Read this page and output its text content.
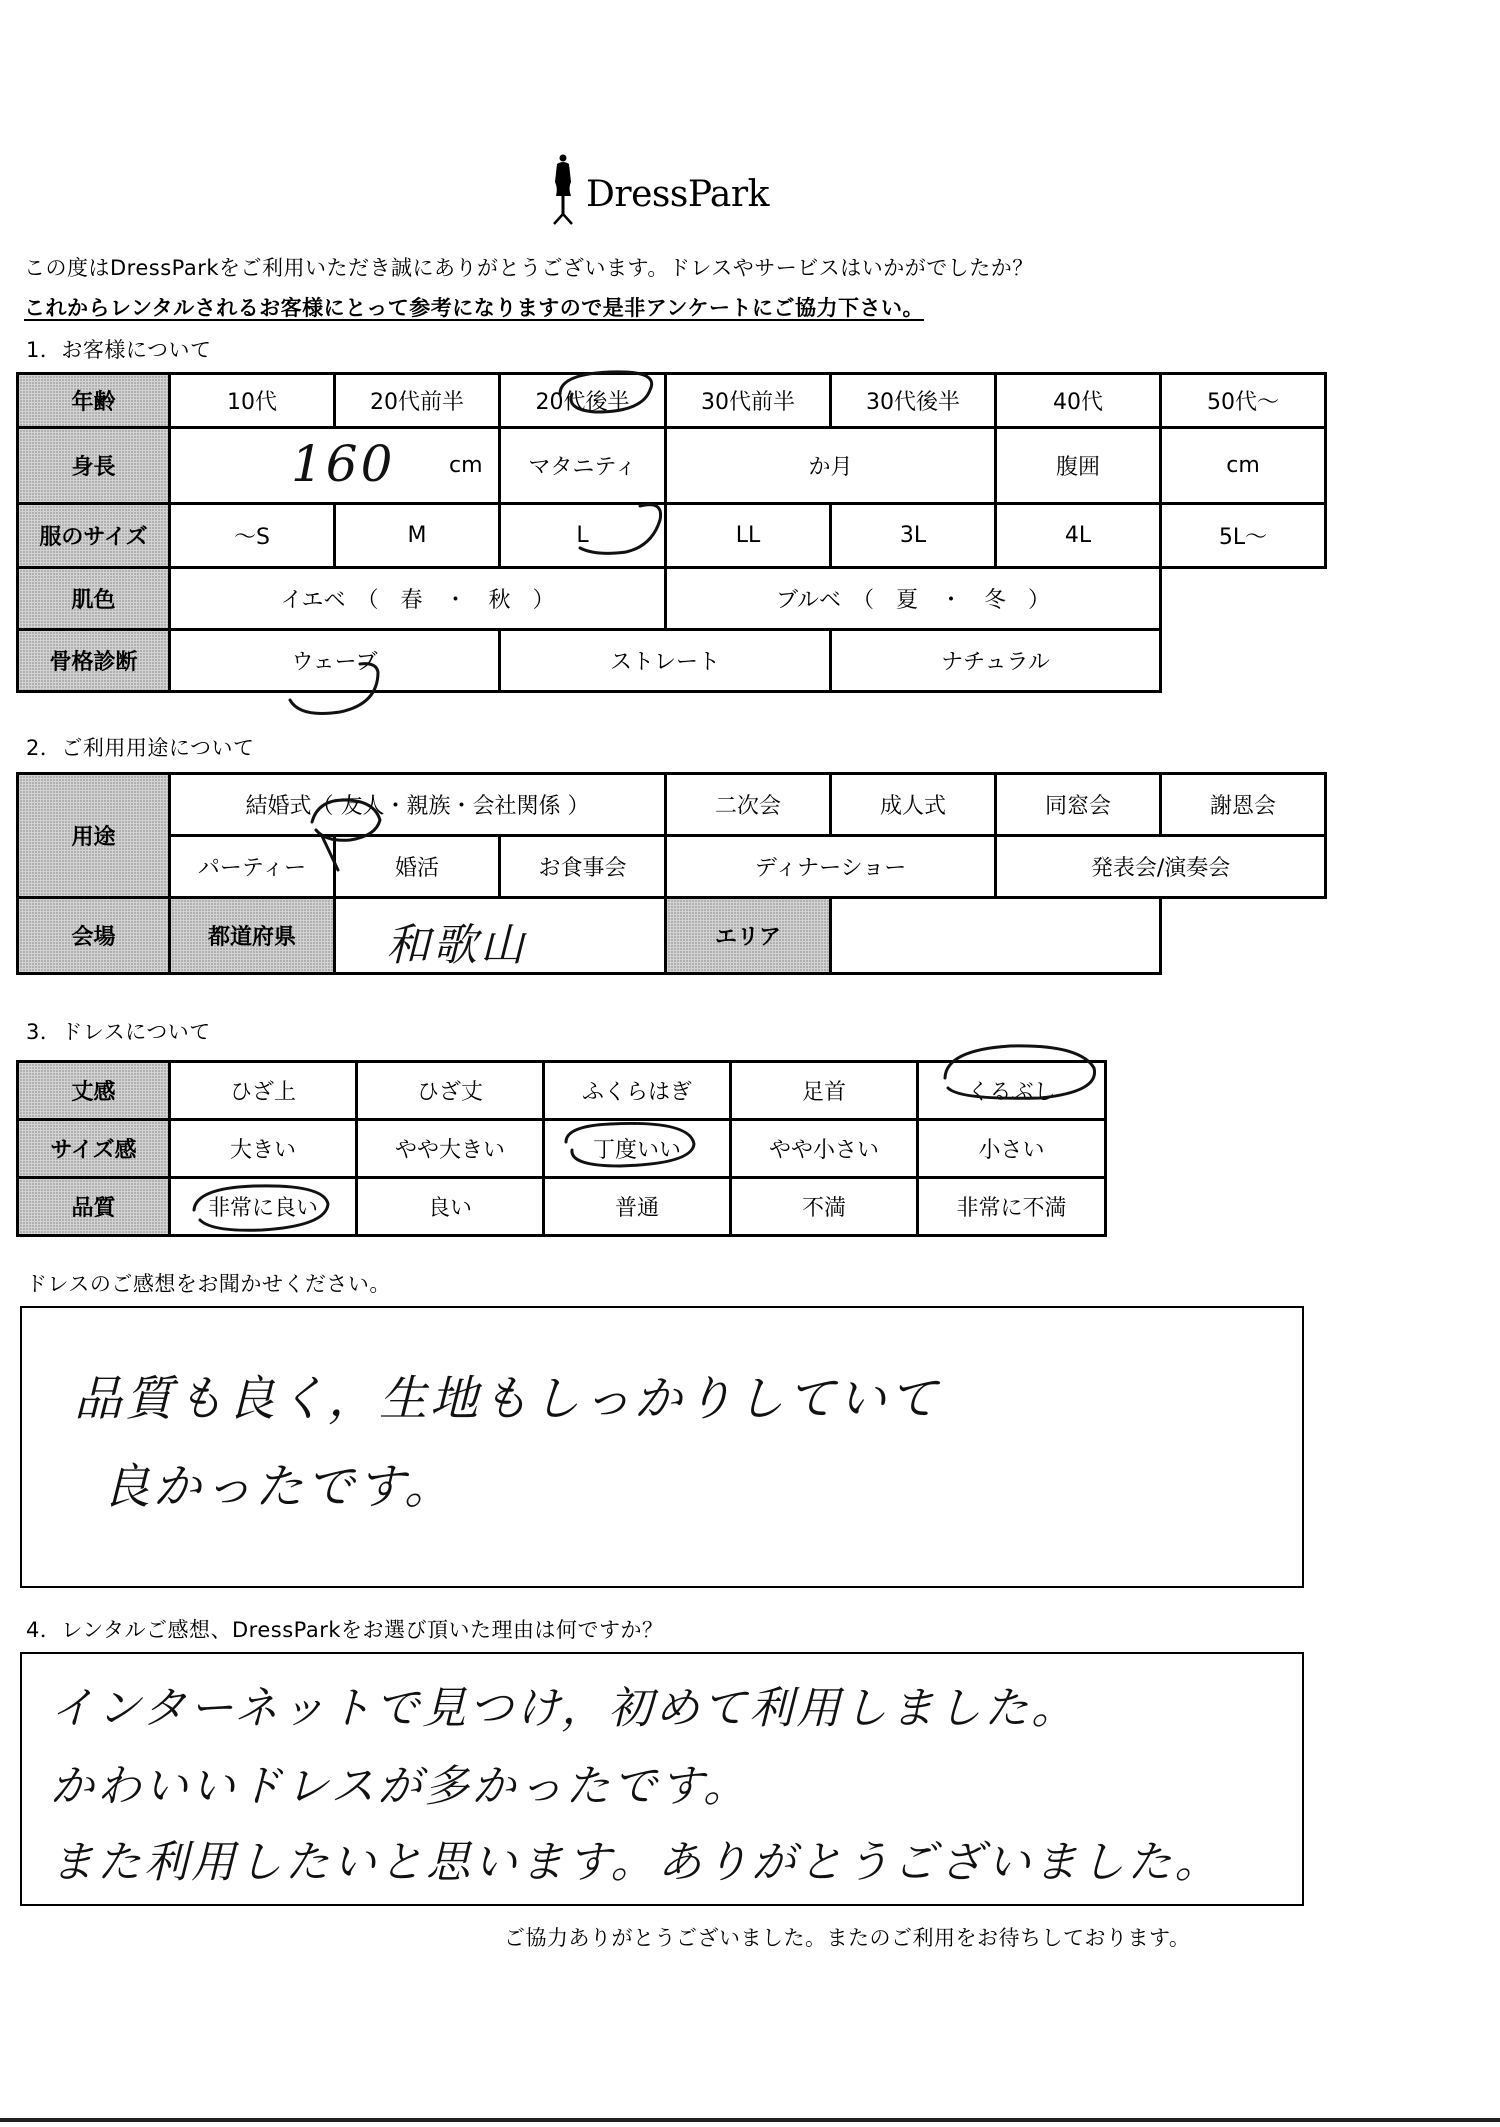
DressPark
この度はDressParkをご利用いただき誠にありがとうございます。ドレスやサービスはいかがでしたか？
これからレンタルされるお客様にとって参考になりますので是非アンケートにご協力下さい。
1．お客様について
年齢	10代	20代前半	20代後半	30代前半	30代後半	40代	50代～
身長	160 cm		マタニティ	か月		腹囲	cm
服のサイズ	～S	M	L	LL	3L	4L	5L～
肌色	イエベ　（　春　・　秋　）			ブルベ　（　夏　・　冬　）			
骨格診断	ウェーブ		ストレート		ナチュラル		
2．ご利用用途について
用途	結婚式（ 友人・親族・会社関係 ）			二次会	成人式	同窓会	謝恩会
	パーティー	婚活	お食事会	ディナーショー		発表会/演奏会	
会場	都道府県	和歌山		エリア			
3．ドレスについて
丈感	ひざ上	ひざ丈	ふくらはぎ	足首	くるぶし
サイズ感	大きい	やや大きい	丁度いい	やや小さい	小さい
品質	非常に良い	良い	普通	不満	非常に不満
ドレスのご感想をお聞かせください。
品質も良く，生地もしっかりしていて
良かったです。
4．レンタルご感想、DressParkをお選び頂いた理由は何ですか？
インターネットで見つけ，初めて利用しました。
かわいいドレスが多かったです。
また利用したいと思います。ありがとうございました。
ご協力ありがとうございました。またのご利用をお待ちしております。
